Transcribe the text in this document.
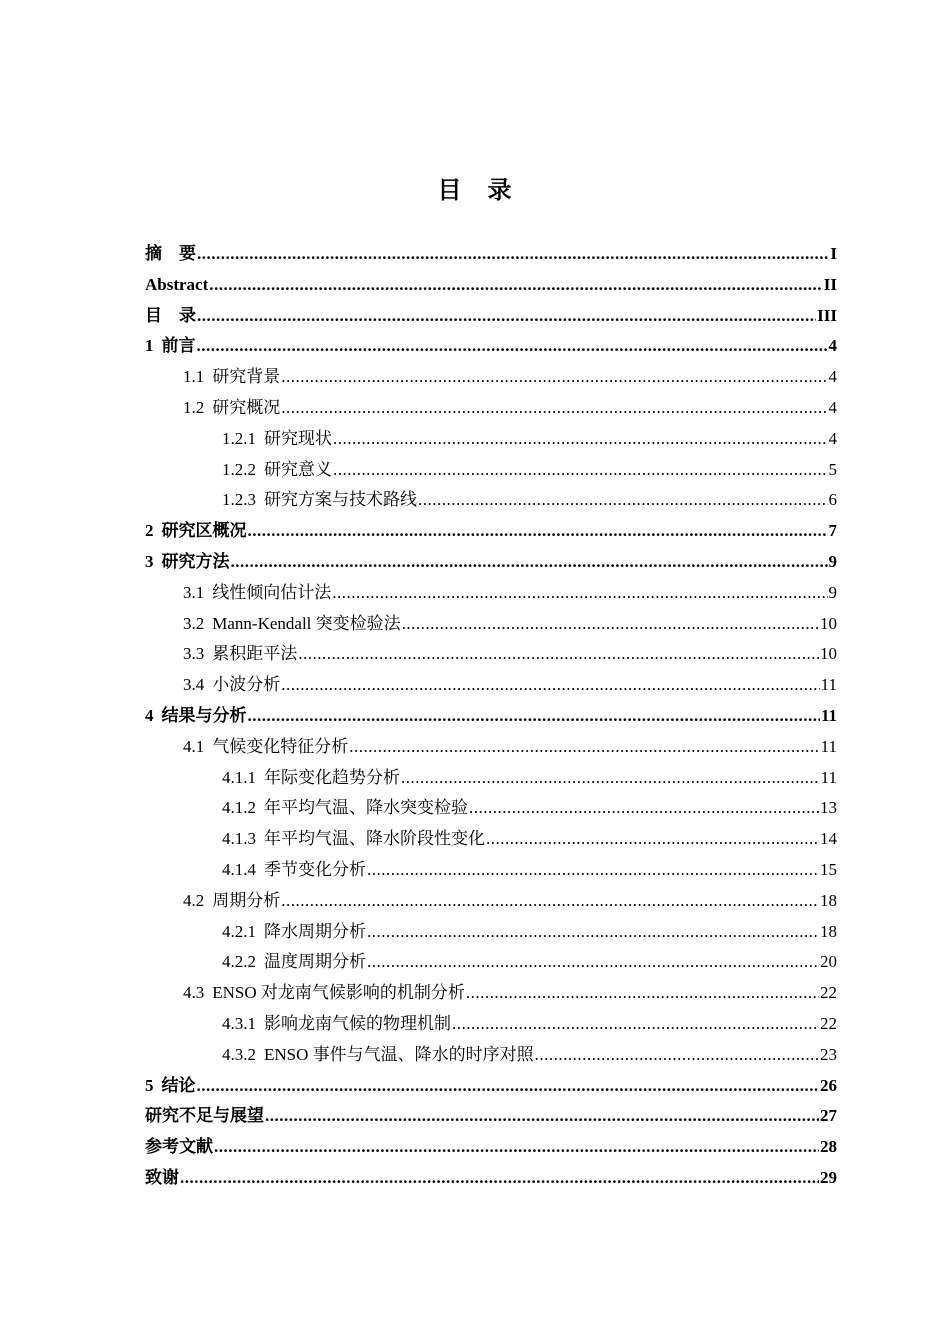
目　录
摘　要 .....	I
Abstract .....	II
目　录 .....	III
1 前言 .....	4
1.1 研究背景 .....	4
1.2 研究概况 .....	4
1.2.1 研究现状 .....	4
1.2.2 研究意义 .....	5
1.2.3 研究方案与技术路线 .....	6
2 研究区概况 .....	7
3 研究方法 .....	9
3.1 线性倾向估计法 .....	9
3.2 Mann-Kendall 突变检验法 .....	10
3.3 累积距平法 .....	10
3.4 小波分析 .....	11
4 结果与分析 .....	11
4.1 气候变化特征分析 .....	11
4.1.1 年际变化趋势分析 .....	11
4.1.2 年平均气温、降水突变检验 .....	13
4.1.3 年平均气温、降水阶段性变化 .....	14
4.1.4 季节变化分析 .....	15
4.2 周期分析 .....	18
4.2.1 降水周期分析 .....	18
4.2.2 温度周期分析 .....	20
4.3 ENSO 对龙南气候影响的机制分析 .....	22
4.3.1 影响龙南气候的物理机制 .....	22
4.3.2 ENSO 事件与气温、降水的时序对照 .....	23
5 结论 .....	26
研究不足与展望 .....	27
参考文献 .....	28
致谢 .....	29
